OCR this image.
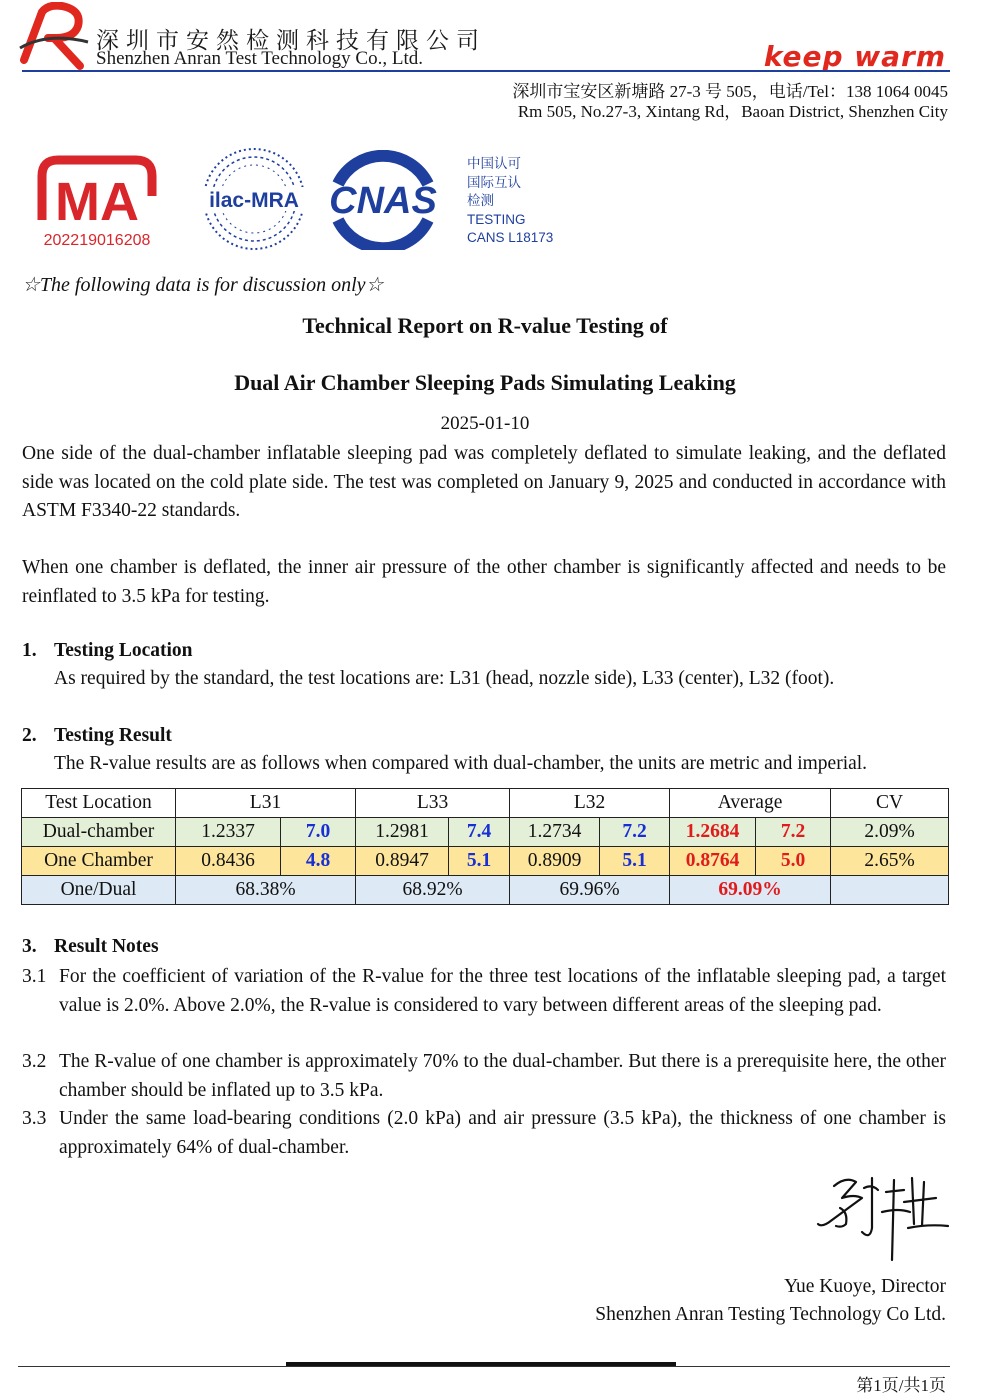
深圳市安然检测科技有限公司
Shenzhen Anran Test Technology Co., Ltd.	keep warm
深圳市宝安区新塘路 27-3 号 505，电话/Tel：138 1064 0045
Rm 505, No.27-3, Xintang Rd，Baoan District, Shenzhen City
MA
202219016208
ilac-MRA CNAS
中国认可
国际互认
检测
TESTING
CANS L18173
☆The following data is for discussion only☆
Technical Report on R-value Testing of
Dual Air Chamber Sleeping Pads Simulating Leaking
2025-01-10
One side of the dual-chamber inflatable sleeping pad was completely deflated to simulate leaking, and the deflated side was located on the cold plate side. The test was completed on January 9, 2025 and conducted in accordance with ASTM F3340-22 standards.
When one chamber is deflated, the inner air pressure of the other chamber is significantly affected and needs to be reinflated to 3.5 kPa for testing.
1. Testing Location
As required by the standard, the test locations are: L31 (head, nozzle side), L33 (center), L32 (foot).
2. Testing Result
The R-value results are as follows when compared with dual-chamber, the units are metric and imperial.
Test Location	L31		L33		L32		Average		CV
Dual-chamber	1.2337	7.0	1.2981	7.4	1.2734	7.2	1.2684	7.2	2.09%
One Chamber	0.8436	4.8	0.8947	5.1	0.8909	5.1	0.8764	5.0	2.65%
One/Dual	68.38%		68.92%		69.96%		69.09%		
3. Result Notes
3.1 For the coefficient of variation of the R-value for the three test locations of the inflatable sleeping pad, a target value is 2.0%. Above 2.0%, the R-value is considered to vary between different areas of the sleeping pad.
3.2 The R-value of one chamber is approximately 70% to the dual-chamber. But there is a prerequisite here, the other chamber should be inflated up to 3.5 kPa.
3.3 Under the same load-bearing conditions (2.0 kPa) and air pressure (3.5 kPa), the thickness of one chamber is approximately 64% of dual-chamber.
Yue Kuoye, Director
Shenzhen Anran Testing Technology Co Ltd.
第1页/共1页
